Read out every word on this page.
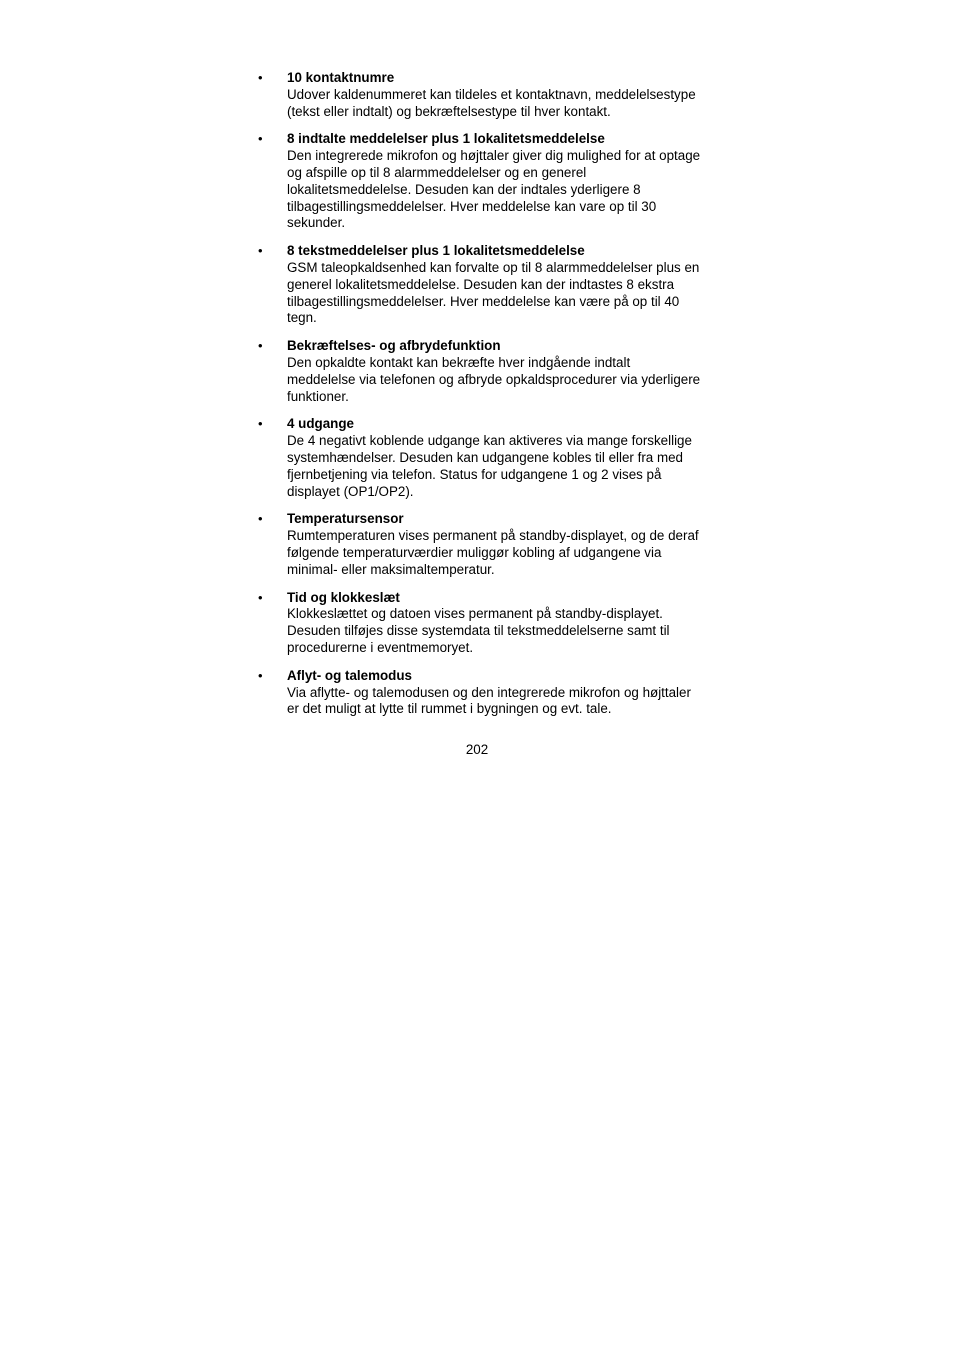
•	10 kontaktnumre
Udover kaldenummeret kan tildeles et kontaktnavn, meddelelsestype
(tekst eller indtalt) og bekræftelsestype til hver kontakt.
•	8 indtalte meddelelser plus 1 lokalitetsmeddelelse
Den integrerede mikrofon og højttaler giver dig mulighed for at optage
og afspille op til 8 alarmmeddelelser og en generel
lokalitetsmeddelelse. Desuden kan der indtales yderligere 8
tilbagestillingsmeddelelser. Hver meddelelse kan vare op til 30
sekunder.
•	8 tekstmeddelelser plus 1 lokalitetsmeddelelse
GSM taleopkaldsenhed kan forvalte op til 8 alarmmeddelelser plus en
generel lokalitetsmeddelelse. Desuden kan der indtastes 8 ekstra
tilbagestillingsmeddelelser. Hver meddelelse kan være på op til 40
tegn.
•	Bekræftelses- og afbrydefunktion
Den opkaldte kontakt kan bekræfte hver indgående indtalt
meddelelse via telefonen og afbryde opkaldsprocedurer via yderligere
funktioner.
•	4 udgange
De 4 negativt koblende udgange kan aktiveres via mange forskellige
systemhændelser. Desuden kan udgangene kobles til eller fra med
fjernbetjening via telefon. Status for udgangene 1 og 2 vises på
displayet (OP1/OP2).
•	Temperatursensor
Rumtemperaturen vises permanent på standby-displayet, og de deraf
følgende temperaturværdier muliggør kobling af udgangene via
minimal- eller maksimaltemperatur.
•	Tid og klokkeslæt
Klokkeslættet og datoen vises permanent på standby-displayet.
Desuden tilføjes disse systemdata til tekstmeddelelserne samt til
procedurerne i eventmemoryet.
•	Aflyt- og talemodus
Via aflytte- og talemodusen og den integrerede mikrofon og højttaler
er det muligt at lytte til rummet i bygningen og evt. tale.
202
